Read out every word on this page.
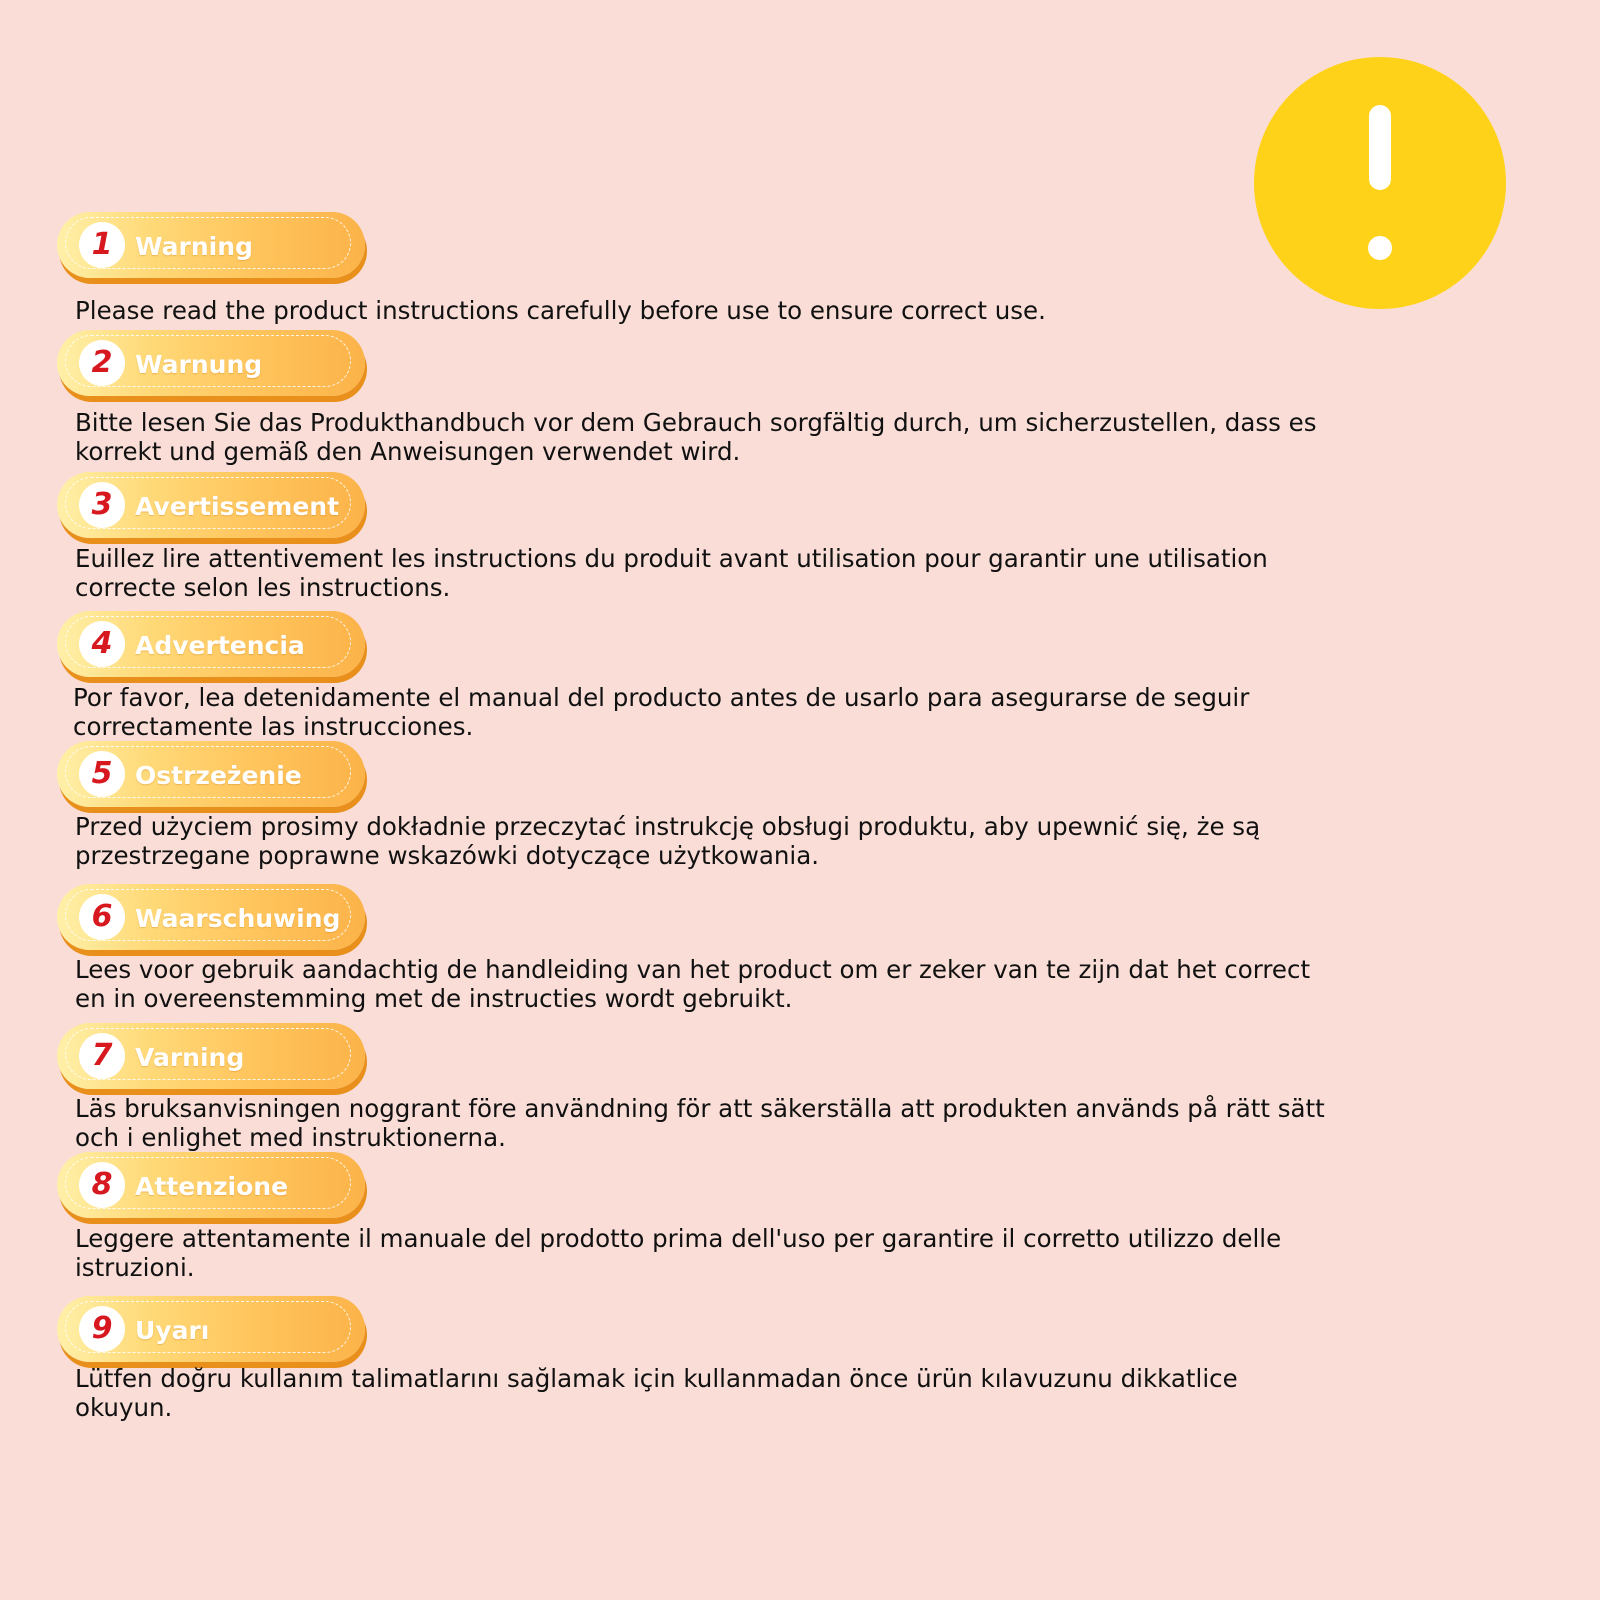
1 Warning

Please read the product instructions carefully before use to ensure correct use.

2 Warnung

Bitte lesen Sie das Produkthandbuch vor dem Gebrauch sorgfältig durch, um sicherzustellen, dass es korrekt und gemäß den Anweisungen verwendet wird.

3 Avertissement

Euillez lire attentivement les instructions du produit avant utilisation pour garantir une utilisation correcte selon les instructions.

4 Advertencia

Por favor, lea detenidamente el manual del producto antes de usarlo para asegurarse de seguir correctamente las instrucciones.

5 Ostrzeżenie

Przed użyciem prosimy dokładnie przeczytać instrukcję obsługi produktu, aby upewnić się, że są przestrzegane poprawne wskazówki dotyczące użytkowania.

6 Waarschuwing

Lees voor gebruik aandachtig de handleiding van het product om er zeker van te zijn dat het correct en in overeenstemming met de instructies wordt gebruikt.

7 Varning

Läs bruksanvisningen noggrant före användning för att säkerställa att produkten används på rätt sätt och i enlighet med instruktionerna.

8 Attenzione

Leggere attentamente il manuale del prodotto prima dell'uso per garantire il corretto utilizzo delle istruzioni.

9 Uyarı

Lütfen doğru kullanım talimatlarını sağlamak için kullanmadan önce ürün kılavuzunu dikkatlice okuyun.
